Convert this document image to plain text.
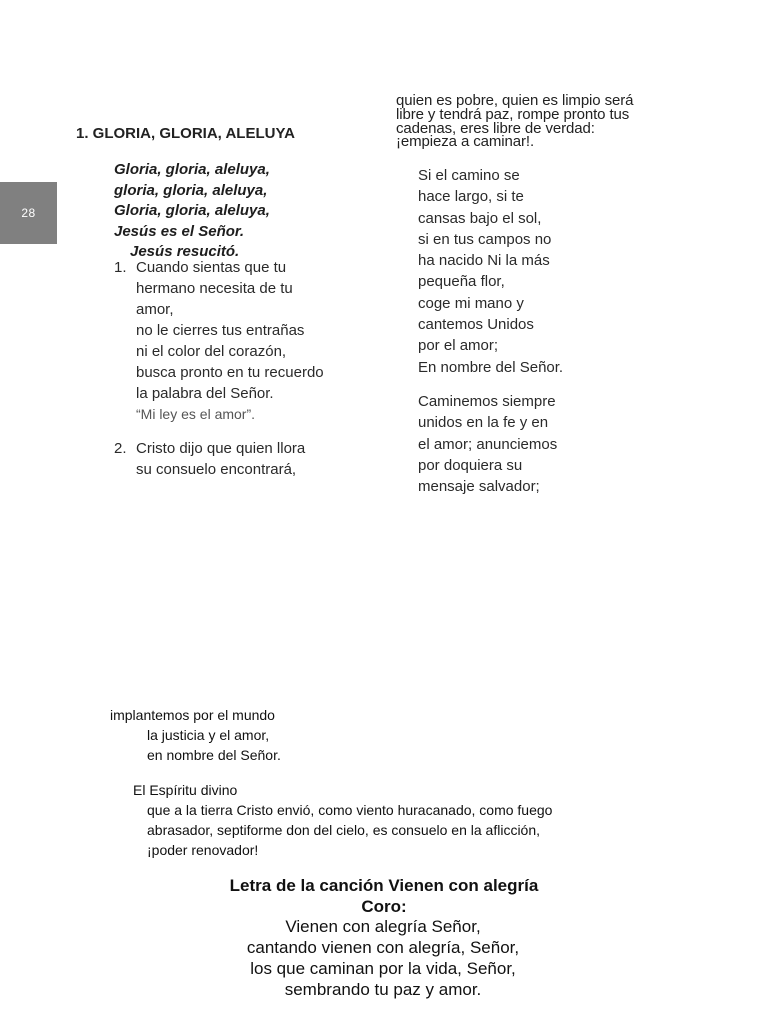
28
1. GLORIA, GLORIA, ALELUYA
Gloria, gloria, aleluya,
gloria, gloria, aleluya,
Gloria, gloria, aleluya,
Jesús es el Señor.
Jesús resucitó.
1. Cuando sientas que tu
hermano necesita de tu
amor,
no le cierres tus entrañas
ni el color del corazón,
busca pronto en tu recuerdo
la palabra del Señor.
“Mi ley es el amor”.
2. Cristo dijo que quien llora
su consuelo encontrará,
quien es pobre, quien es limpio será
libre y tendrá paz, rompe pronto tus
cadenas, eres libre de verdad:
¡empieza a caminar!.
Si el camino se
hace largo, si te
cansas bajo el sol,
si en tus campos no
ha nacido Ni la más
pequeña flor,
coge mi mano y
cantemos Unidos
por el amor;
En nombre del Señor.
Caminemos siempre
unidos en la fe y en
el amor; anunciemos
por doquiera su
mensaje salvador;
implantemos por el mundo
la justicia y el amor,
en nombre del Señor.
El Espíritu divino
que a la tierra Cristo envió, como viento huracanado, como fuego
abrasador, septiforme don del cielo, es consuelo en la aflicción,
¡poder renovador!
Letra de la canción Vienen con alegría
Coro:
Vienen con alegría Señor,
cantando vienen con alegría, Señor,
los que caminan por la vida, Señor,
sembrando tu paz y amor.
